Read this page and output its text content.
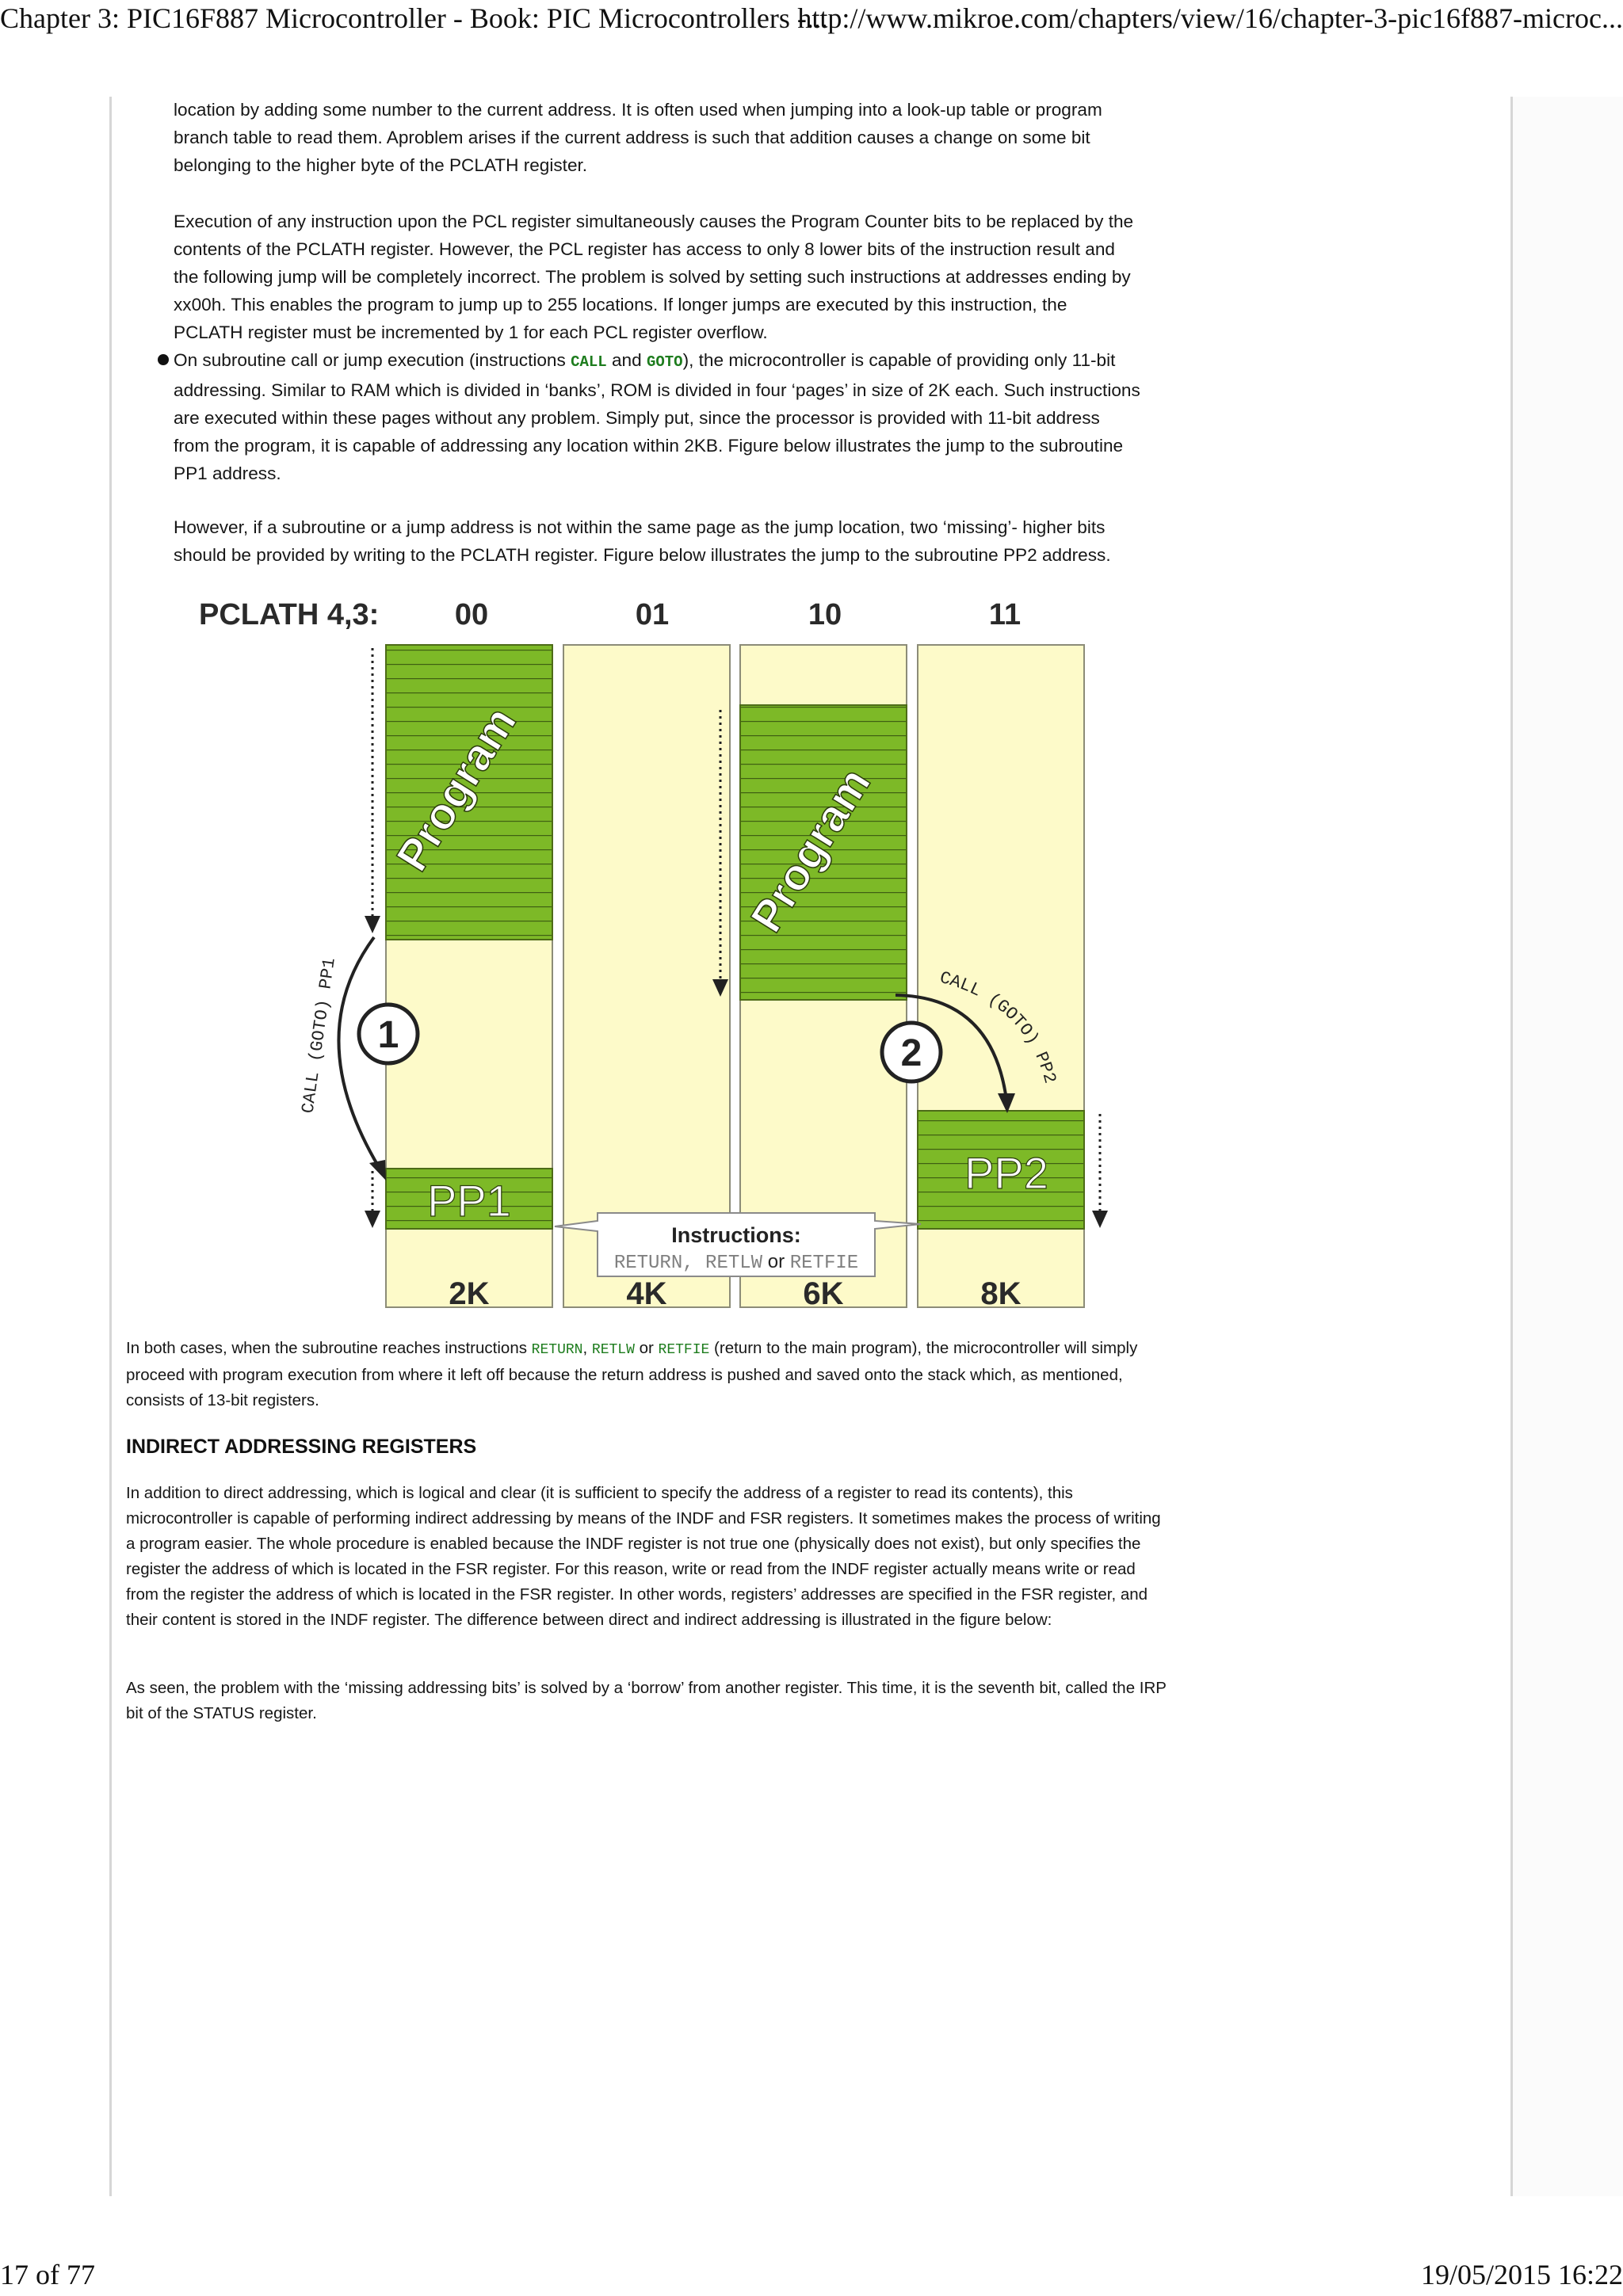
Chapter 3: PIC16F887 Microcontroller - Book: PIC Microcontrollers -...
http://www.mikroe.com/chapters/view/16/chapter-3-pic16f887-microc...
location by adding some number to the current address. It is often used when jumping into a look-up table or program branch table to read them. Aproblem arises if the current address is such that addition causes a change on some bit belonging to the higher byte of the PCLATH register.
Execution of any instruction upon the PCL register simultaneously causes the Program Counter bits to be replaced by the contents of the PCLATH register. However, the PCL register has access to only 8 lower bits of the instruction result and the following jump will be completely incorrect. The problem is solved by setting such instructions at addresses ending by xx00h. This enables the program to jump up to 255 locations. If longer jumps are executed by this instruction, the PCLATH register must be incremented by 1 for each PCL register overflow.
On subroutine call or jump execution (instructions CALL and GOTO), the microcontroller is capable of providing only 11-bit addressing. Similar to RAM which is divided in ‘banks’, ROM is divided in four ‘pages’ in size of 2K each. Such instructions are executed within these pages without any problem. Simply put, since the processor is provided with 11-bit address from the program, it is capable of addressing any location within 2KB. Figure below illustrates the jump to the subroutine PP1 address.
However, if a subroutine or a jump address is not within the same page as the jump location, two ‘missing’- higher bits should be provided by writing to the PCLATH register. Figure below illustrates the jump to the subroutine PP2 address.
PCLATH 4,3:	00	01	10	11
Program	Program
PP1
PP2
CALL (GOTO) PP1	CALL (GOTO) PP2
1	2
Instructions:
RETURN, RETLW or RETFIE
2K	4K	6K	8K
In both cases, when the subroutine reaches instructions RETURN, RETLW or RETFIE (return to the main program), the microcontroller will simply proceed with program execution from where it left off because the return address is pushed and saved onto the stack which, as mentioned, consists of 13-bit registers.
INDIRECT ADDRESSING REGISTERS
In addition to direct addressing, which is logical and clear (it is sufficient to specify the address of a register to read its contents), this microcontroller is capable of performing indirect addressing by means of the INDF and FSR registers. It sometimes makes the process of writing a program easier. The whole procedure is enabled because the INDF register is not true one (physically does not exist), but only specifies the register the address of which is located in the FSR register. For this reason, write or read from the INDF register actually means write or read from the register the address of which is located in the FSR register. In other words, registers’ addresses are specified in the FSR register, and their content is stored in the INDF register. The difference between direct and indirect addressing is illustrated in the figure below:
As seen, the problem with the ‘missing addressing bits’ is solved by a ‘borrow’ from another register. This time, it is the seventh bit, called the IRP bit of the STATUS register.
17 of 77	19/05/2015 16:22
